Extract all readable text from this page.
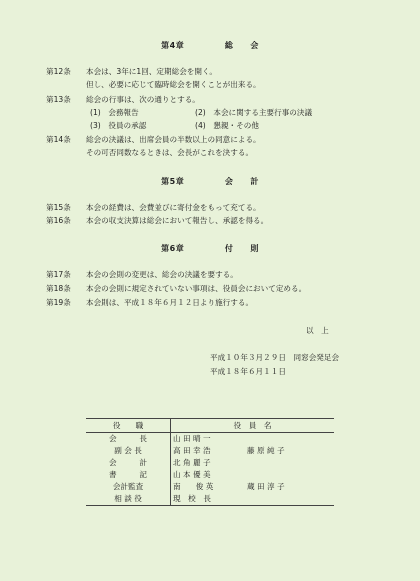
第4章	総　　会
第12条 本会は、3年に1回、定期総会を開く。
但し、必要に応じて臨時総会を開くことが出来る。
第13条 総会の行事は、次の通りとする。
(1)　会務報告	(2)　本会に関する主要行事の決議
(3)　役員の承認	(4)　懇親・その他
第14条 総会の決議は、出席会員の半数以上の同意による。
その可否同数なるときは、会長がこれを決する。
第5章	会　　計
第15条 本会の経費は、会費並びに寄付金をもって充てる。
第16条 本会の収支決算は総会において報告し、承認を得る。
第6章	付　　則
第17条 本会の会則の変更は、総会の決議を要する。
第18条 本会の会則に規定されていない事項は、役員会において定める。
第19条 本会則は、平成１８年６月１２日より施行する。
以　上
平成１０年３月２９日　同窓会発足会
平成１８年６月１１日
役　　職	役　員　名	
会　　　長	山 田 晴 一	
副 会 長	高 田 幸 浩	藤 原 純 子
会　　　計	北 角 麗 子	
書　　　記	山 本 優 美	
会計監査	南　　俊 英	蔵 田 淳 子
相 談 役	現　校　長	
